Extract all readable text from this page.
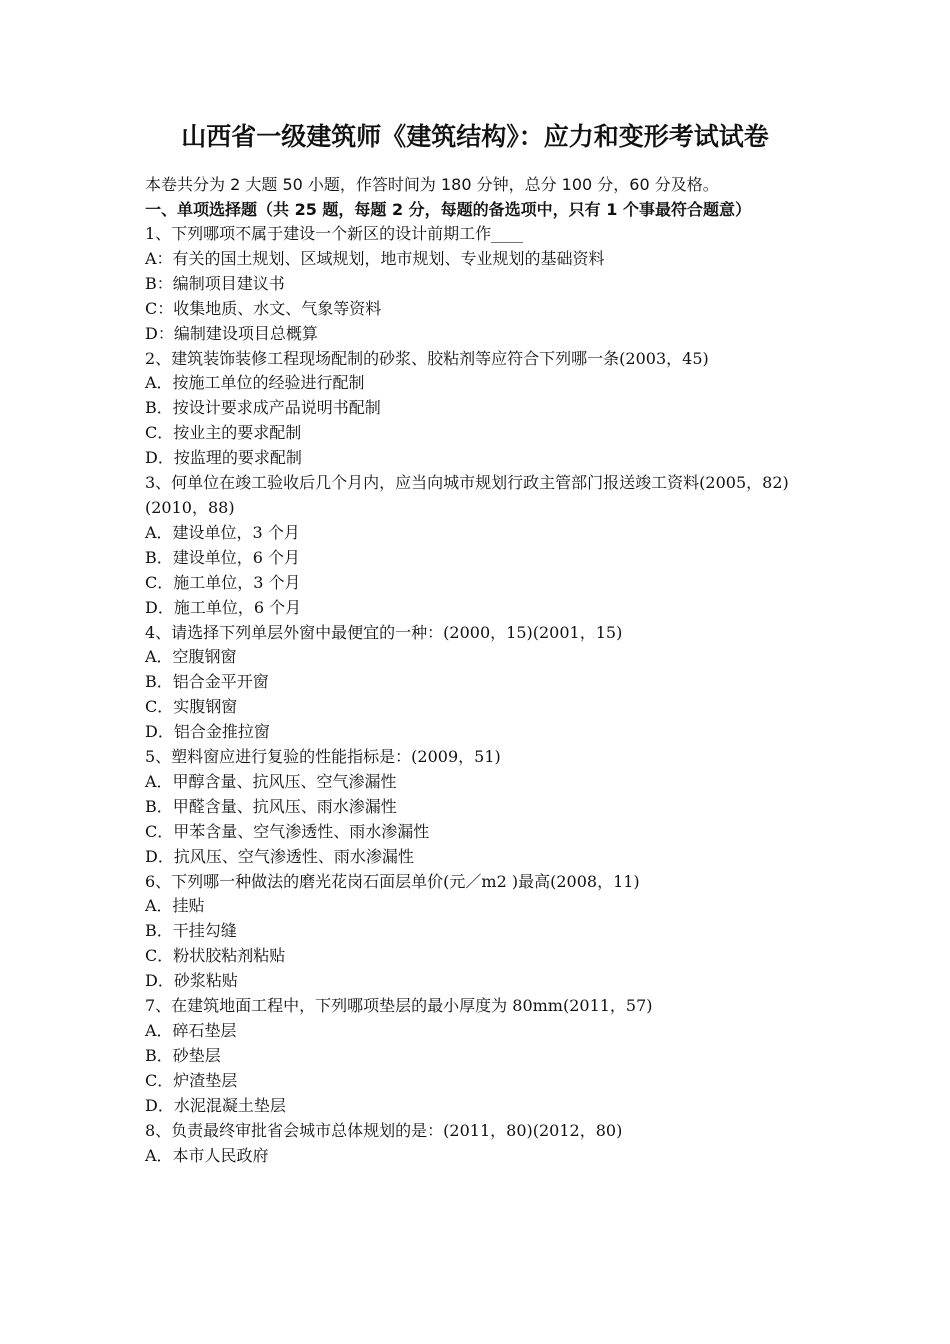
山西省一级建筑师《建筑结构》：应力和变形考试试卷
本卷共分为 2 大题 50 小题，作答时间为 180 分钟，总分 100 分，60 分及格。
一、单项选择题（共 25 题，每题 2 分，每题的备选项中，只有 1 个事最符合题意）
1、下列哪项不属于建设一个新区的设计前期工作____
A：有关的国土规划、区域规划，地市规划、专业规划的基础资料
B：编制项目建议书
C：收集地质、水文、气象等资料
D：编制建设项目总概算
2、建筑装饰装修工程现场配制的砂浆、胶粘剂等应符合下列哪一条(2003，45)
A．按施工单位的经验进行配制
B．按设计要求成产品说明书配制
C．按业主的要求配制
D．按监理的要求配制
3、何单位在竣工验收后几个月内，应当向城市规划行政主管部门报送竣工资料(2005，82)(2010，88)
A．建设单位，3 个月
B．建设单位，6 个月
C．施工单位，3 个月
D．施工单位，6 个月
4、请选择下列单层外窗中最便宜的一种：(2000，15)(2001，15)
A．空腹钢窗
B．铝合金平开窗
C．实腹钢窗
D．铝合金推拉窗
5、塑料窗应进行复验的性能指标是：(2009，51)
A．甲醇含量、抗风压、空气渗漏性
B．甲醛含量、抗风压、雨水渗漏性
C．甲苯含量、空气渗透性、雨水渗漏性
D．抗风压、空气渗透性、雨水渗漏性
6、下列哪一种做法的磨光花岗石面层单价(元／m2 )最高(2008，11)
A．挂贴
B．干挂勾缝
C．粉状胶粘剂粘贴
D．砂浆粘贴
7、在建筑地面工程中，下列哪项垫层的最小厚度为 80mm(2011，57)
A．碎石垫层
B．砂垫层
C．炉渣垫层
D．水泥混凝土垫层
8、负责最终审批省会城市总体规划的是：(2011，80)(2012，80)
A．本市人民政府
